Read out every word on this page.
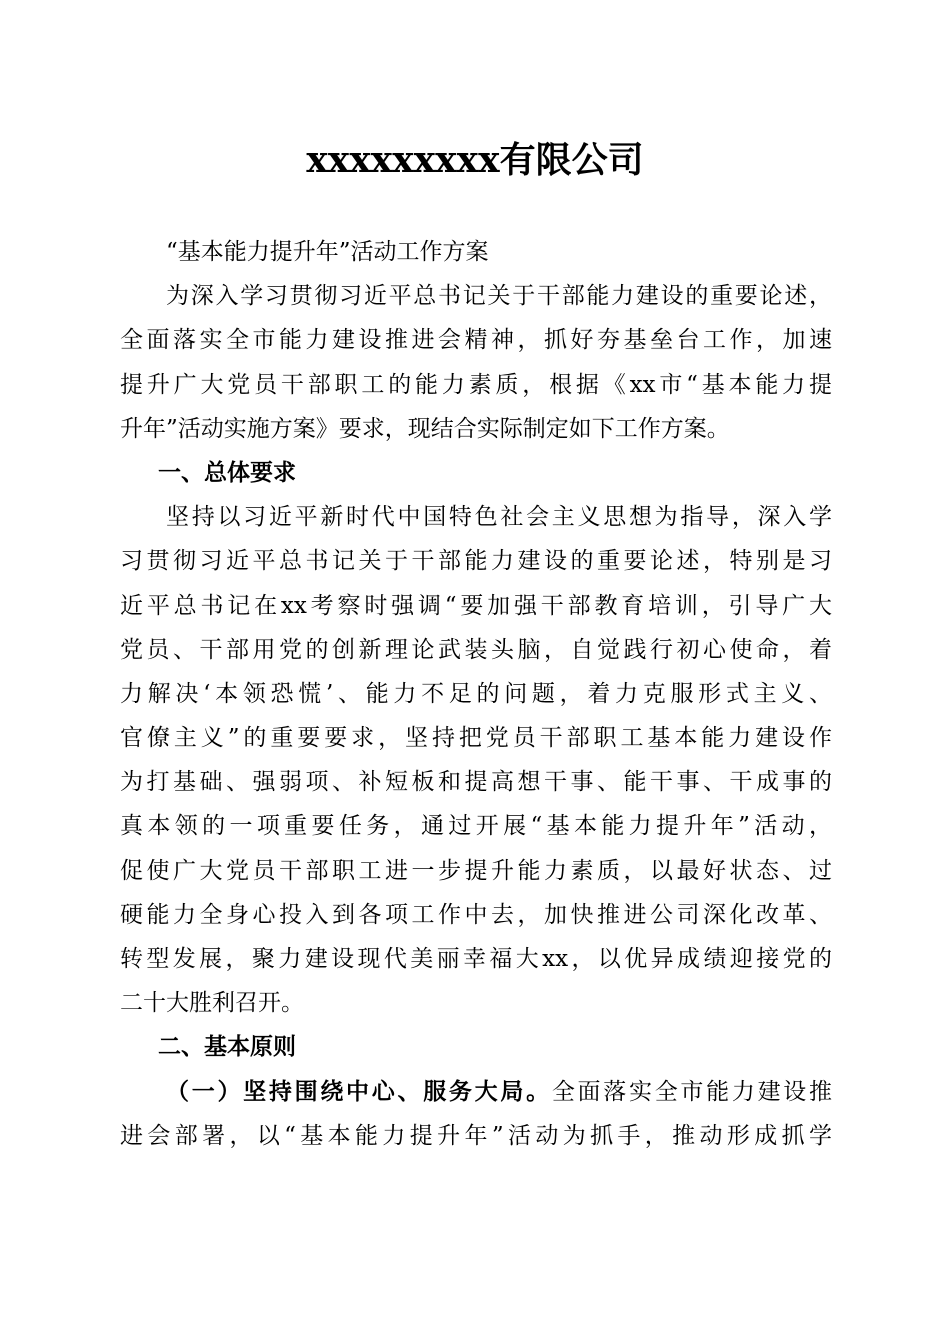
xxxxxxxxx有限公司
“基本能力提升年”活动工作方案
为深入学习贯彻习近平总书记关于干部能力建设的重要论述，
全面落实全市能力建设推进会精神，抓好夯基垒台工作，加速
提升广大党员干部职工的能力素质，根据《xx市“基本能力提
升年”活动实施方案》要求，现结合实际制定如下工作方案。
一、总体要求
坚持以习近平新时代中国特色社会主义思想为指导，深入学
习贯彻习近平总书记关于干部能力建设的重要论述，特别是习
近平总书记在xx考察时强调“要加强干部教育培训，引导广大
党员、干部用党的创新理论武装头脑，自觉践行初心使命，着
力解决‘本领恐慌’、能力不足的问题，着力克服形式主义、
官僚主义”的重要要求，坚持把党员干部职工基本能力建设作
为打基础、强弱项、补短板和提高想干事、能干事、干成事的
真本领的一项重要任务，通过开展“基本能力提升年”活动，
促使广大党员干部职工进一步提升能力素质，以最好状态、过
硬能力全身心投入到各项工作中去，加快推进公司深化改革、
转型发展，聚力建设现代美丽幸福大xx，以优异成绩迎接党的
二十大胜利召开。
二、基本原则
（一）坚持围绕中心、服务大局。全面落实全市能力建设推
进会部署，以“基本能力提升年”活动为抓手，推动形成抓学
